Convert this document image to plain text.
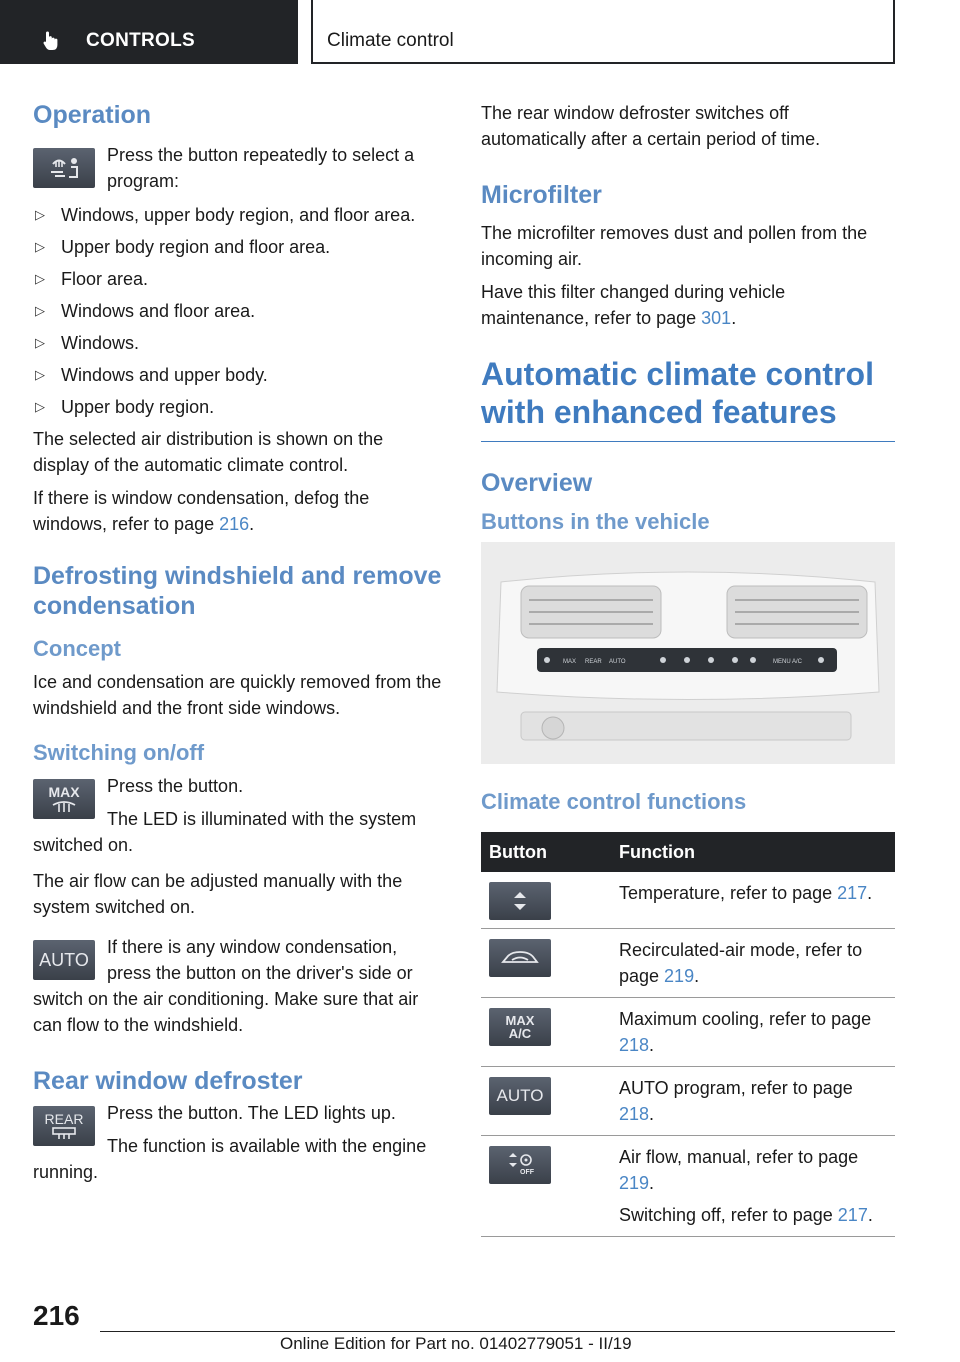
CONTROLS	Climate control
Operation

Press the button repeatedly to select a program:

▷ Windows, upper body region, and floor area.
▷ Upper body region and floor area.
▷ Floor area.
▷ Windows and floor area.
▷ Windows.
▷ Windows and upper body.
▷ Upper body region.

The selected air distribution is shown on the display of the automatic climate control.

If there is window condensation, defog the windows, refer to page 216.

Defrosting windshield and remove condensation
Concept

Ice and condensation are quickly removed from the windshield and the front side windows.

Switching on/off
MAX	Press the button.

The LED is illuminated with the system switched on.

The air flow can be adjusted manually with the system switched on.

AUTO

If there is any window condensation, press the button on the driver's side or switch on the air conditioning. Make sure that air can flow to the windshield.

Rear window defroster
REAR	Press the button. The LED lights up.

The function is available with the engine running.

The rear window defroster switches off automatically after a certain period of time.

Microfilter

The microfilter removes dust and pollen from the incoming air.

Have this filter changed during vehicle maintenance, refer to page 301.

Automatic climate control with enhanced features
Overview
Buttons in the vehicle
MAX REAR AUTO	MENU A/C
Climate control functions
Button	Function

	Temperature, refer to page 217.

	Recirculated-air mode, refer to page 219.

MAX A/C	Maximum cooling, refer to page 218.

AUTO	AUTO program, refer to page 218.

OFF	Air flow, manual, refer to page 219.

Switching off, refer to page 217.

216
Online Edition for Part no. 01402779051 - II/19
